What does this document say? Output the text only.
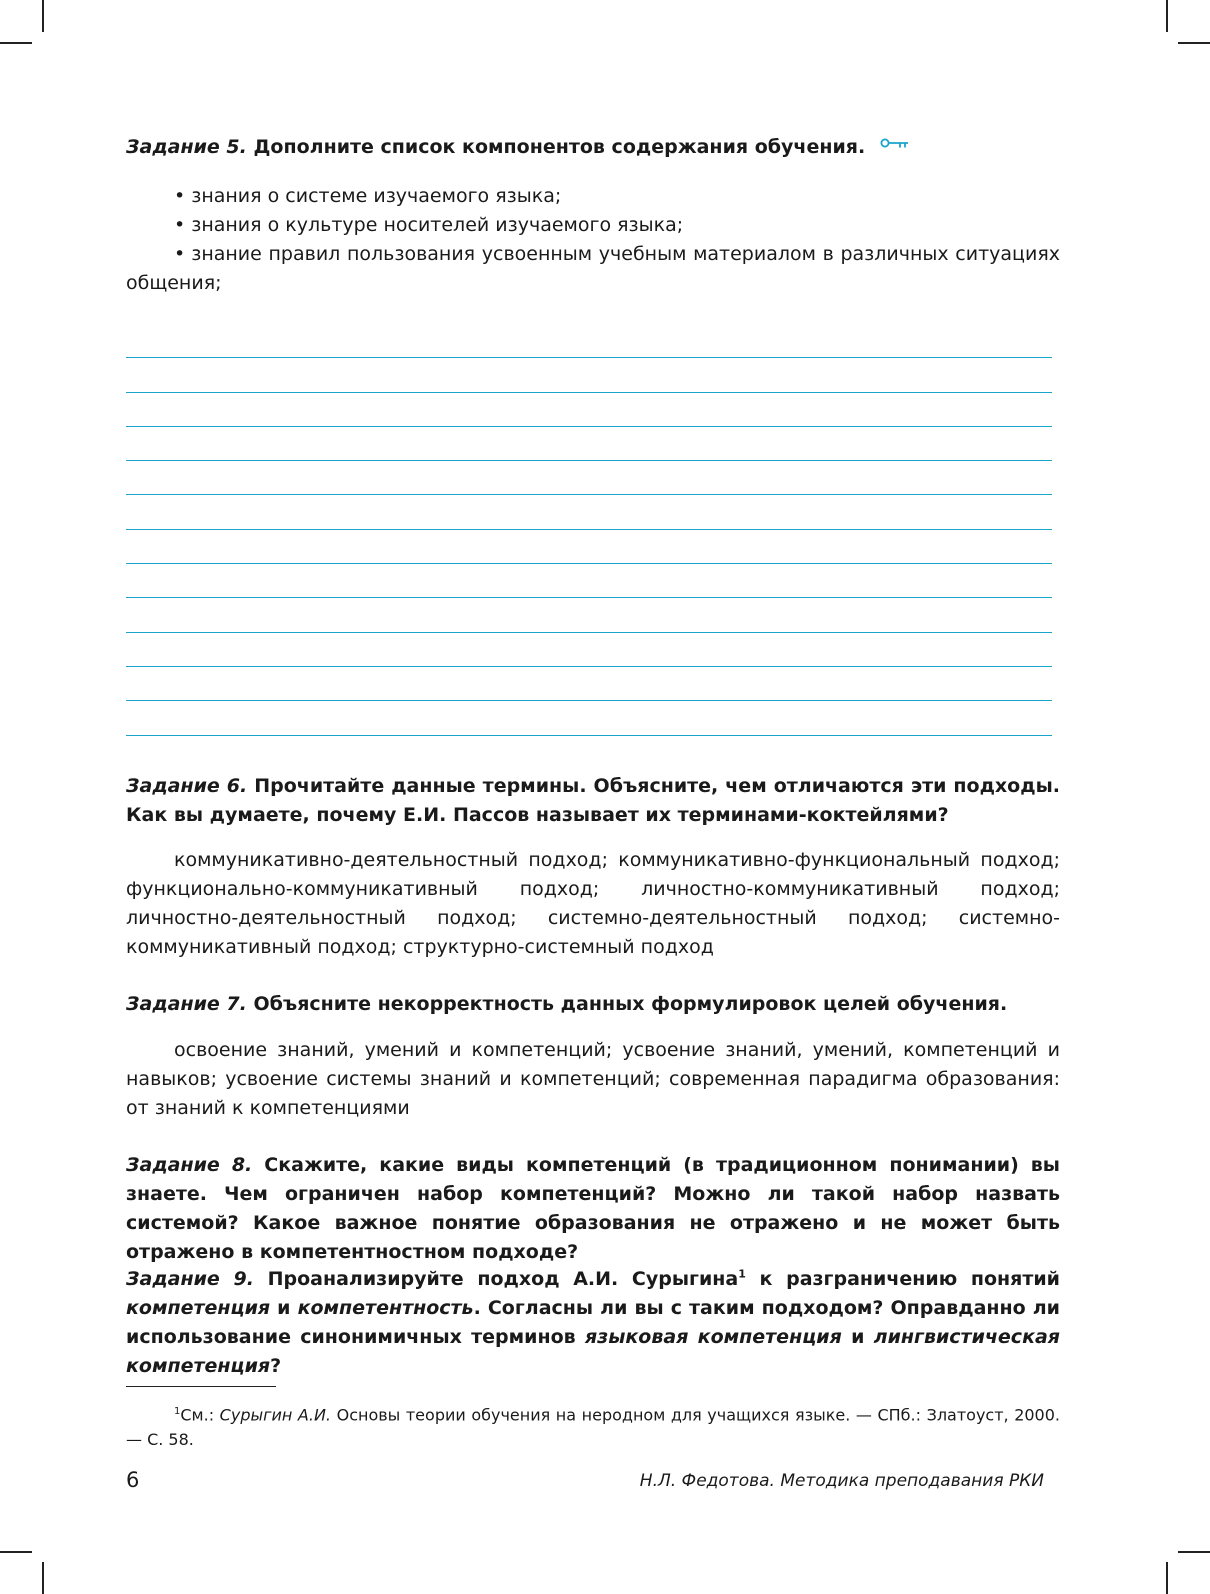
Задание 5. Дополните список компонентов содержания обучения.

• знания о системе изучаемого языка;
• знания о культуре носителей изучаемого языка;
• знание правил пользования усвоенным учебным материалом в различных ситуациях общения;

Задание 6. Прочитайте данные термины. Объясните, чем отличаются эти подходы. Как вы думаете, почему Е.И. Пассов называет их терминами-коктейлями?

коммуникативно-деятельностный подход; коммуникативно-функциональный подход; функционально-коммуникативный подход; личностно-коммуникативный подход; личностно-деятельностный подход; системно-деятельностный подход; системно-коммуникативный подход; структурно-системный подход

Задание 7. Объясните некорректность данных формулировок целей обучения.

освоение знаний, умений и компетенций; усвоение знаний, умений, компетенций и навыков; усвоение системы знаний и компетенций; современная парадигма образования: от знаний к компетенциями

Задание 8. Скажите, какие виды компетенций (в традиционном понимании) вы знаете. Чем ограничен набор компетенций? Можно ли такой набор назвать системой? Какое важное понятие образования не отражено и не может быть отражено в компетентностном подходе?

Задание 9. Проанализируйте подход А.И. Сурыгина$^1$ к разграничению понятий компетенция и компетентность. Согласны ли вы с таким подходом? Оправданно ли использование синонимичных терминов языковая компетенция и лингвистическая компетенция?

$^1$См.: Сурыгин А.И. Основы теории обучения на неродном для учащихся языке. — СПб.: Златоуст, 2000. — С. 58.

6	Н.Л. Федотова. Методика преподавания РКИ
